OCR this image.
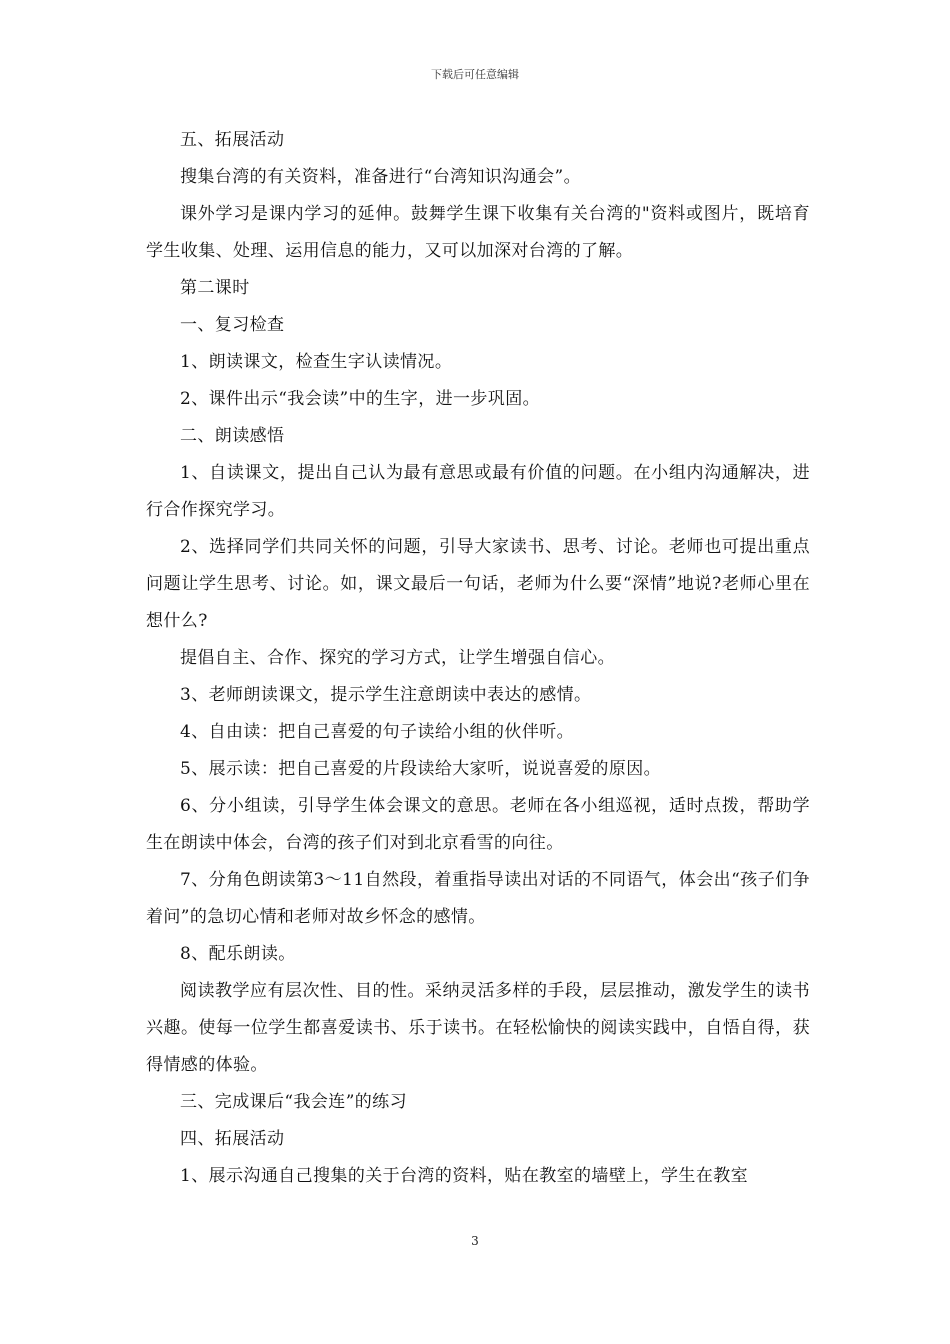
下载后可任意编辑

五、拓展活动

搜集台湾的有关资料，准备进行“台湾知识沟通会”。

课外学习是课内学习的延伸。鼓舞学生课下收集有关台湾的"资料或图片，既培育学生收集、处理、运用信息的能力，又可以加深对台湾的了解。

第二课时

一、复习检查

1、朗读课文，检查生字认读情况。

2、课件出示“我会读”中的生字，进一步巩固。

二、朗读感悟

1、自读课文，提出自己认为最有意思或最有价值的问题。在小组内沟通解决，进行合作探究学习。

2、选择同学们共同关怀的问题，引导大家读书、思考、讨论。老师也可提出重点问题让学生思考、讨论。如，课文最后一句话，老师为什么要“深情”地说?老师心里在想什么?

提倡自主、合作、探究的学习方式，让学生增强自信心。

3、老师朗读课文，提示学生注意朗读中表达的感情。

4、自由读：把自己喜爱的句子读给小组的伙伴听。

5、展示读：把自己喜爱的片段读给大家听，说说喜爱的原因。

6、分小组读，引导学生体会课文的意思。老师在各小组巡视，适时点拨，帮助学生在朗读中体会，台湾的孩子们对到北京看雪的向往。

7、分角色朗读第3～11自然段，着重指导读出对话的不同语气，体会出“孩子们争着问”的急切心情和老师对故乡怀念的感情。

8、配乐朗读。

阅读教学应有层次性、目的性。采纳灵活多样的手段，层层推动，激发学生的读书兴趣。使每一位学生都喜爱读书、乐于读书。在轻松愉快的阅读实践中，自悟自得，获得情感的体验。

三、完成课后“我会连”的练习

四、拓展活动

1、展示沟通自己搜集的关于台湾的资料，贴在教室的墙壁上，学生在教室

3
